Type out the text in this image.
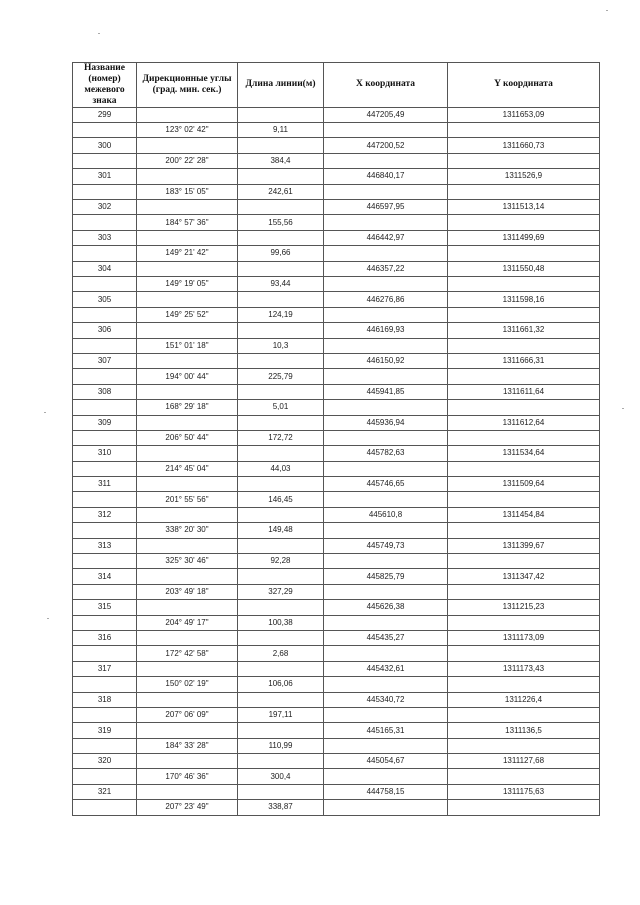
Название (номер) межевого знака	Дирекционные углы (град. мин. сек.)	Длина линии(м)	X координата	Y координата
299			447205,49	1311653,09
	123° 02' 42"	9,11		
300			447200,52	1311660,73
	200° 22' 28"	384,4		
301			446840,17	1311526,9
	183° 15' 05"	242,61		
302			446597,95	1311513,14
	184° 57' 36"	155,56		
303			446442,97	1311499,69
	149° 21' 42"	99,66		
304			446357,22	1311550,48
	149° 19' 05"	93,44		
305			446276,86	1311598,16
	149° 25' 52"	124,19		
306			446169,93	1311661,32
	151° 01' 18"	10,3		
307			446150,92	1311666,31
	194° 00' 44"	225,79		
308			445941,85	1311611,64
	168° 29' 18"	5,01		
309			445936,94	1311612,64
	206° 50' 44"	172,72		
310			445782,63	1311534,64
	214° 45' 04"	44,03		
311			445746,65	1311509,64
	201° 55' 56"	146,45		
312			445610,8	1311454,84
	338° 20' 30"	149,48		
313			445749,73	1311399,67
	325° 30' 46"	92,28		
314			445825,79	1311347,42
	203° 49' 18"	327,29		
315			445626,38	1311215,23
	204° 49' 17"	100,38		
316			445435,27	1311173,09
	172° 42' 58"	2,68		
317			445432,61	1311173,43
	150° 02' 19"	106,06		
318			445340,72	1311226,4
	207° 06' 09"	197,11		
319			445165,31	1311136,5
	184° 33' 28"	110,99		
320			445054,67	1311127,68
	170° 46' 36"	300,4		
321			444758,15	1311175,63
	207° 23' 49"	338,87		
